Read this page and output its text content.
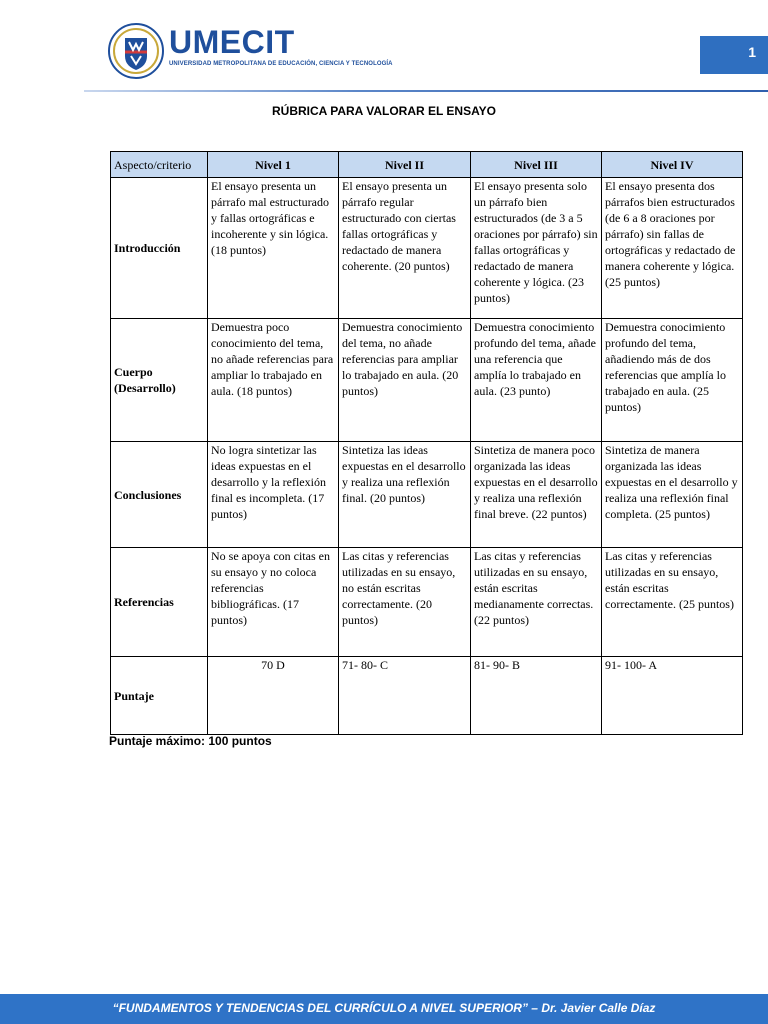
1
UMECIT
UNIVERSIDAD METROPOLITANA DE EDUCACIÓN, CIENCIA Y TECNOLOGÍA
RÚBRICA PARA VALORAR EL ENSAYO
Aspecto/criterio	Nivel 1	Nivel II	Nivel III	Nivel IV
Introducción	El ensayo presenta un párrafo mal estructurado y fallas ortográficas e incoherente y sin lógica. (18 puntos)	El ensayo presenta un párrafo regular estructurado con ciertas fallas ortográficas y redactado de manera coherente. (20 puntos)	El ensayo presenta solo un párrafo bien estructurados (de 3 a 5 oraciones por párrafo) sin fallas ortográficas y redactado de manera coherente y lógica. (23 puntos)	El ensayo presenta dos párrafos bien estructurados (de 6 a 8 oraciones por párrafo) sin fallas de ortográficas y redactado de manera coherente y lógica. (25 puntos)
Cuerpo (Desarrollo)	Demuestra poco conocimiento del tema, no añade referencias para ampliar lo trabajado en aula. (18 puntos)	Demuestra conocimiento del tema, no añade referencias para ampliar lo trabajado en aula. (20 puntos)	Demuestra conocimiento profundo del tema, añade una referencia que amplía lo trabajado en aula. (23 punto)	Demuestra conocimiento profundo del tema, añadiendo más de dos referencias que amplía lo trabajado en aula. (25 puntos)
Conclusiones	No logra sintetizar las ideas expuestas en el desarrollo y la reflexión final es incompleta. (17 puntos)	Sintetiza las ideas expuestas en el desarrollo y realiza una reflexión final. (20 puntos)	Sintetiza de manera poco organizada las ideas expuestas en el desarrollo y realiza una reflexión final breve. (22 puntos)	Sintetiza de manera organizada las ideas expuestas en el desarrollo y realiza una reflexión final completa. (25 puntos)
Referencias	No se apoya con citas en su ensayo y no coloca referencias bibliográficas. (17 puntos)	Las citas y referencias utilizadas en su ensayo, no están escritas correctamente. (20 puntos)	Las citas y referencias utilizadas en su ensayo, están escritas medianamente correctas. (22 puntos)	Las citas y referencias utilizadas en su ensayo, están escritas correctamente. (25 puntos)
Puntaje	70 D	71- 80- C	81- 90- B	91- 100- A
Puntaje máximo: 100 puntos
“FUNDAMENTOS Y TENDENCIAS DEL CURRÍCULO A NIVEL SUPERIOR” – Dr. Javier Calle Díaz
